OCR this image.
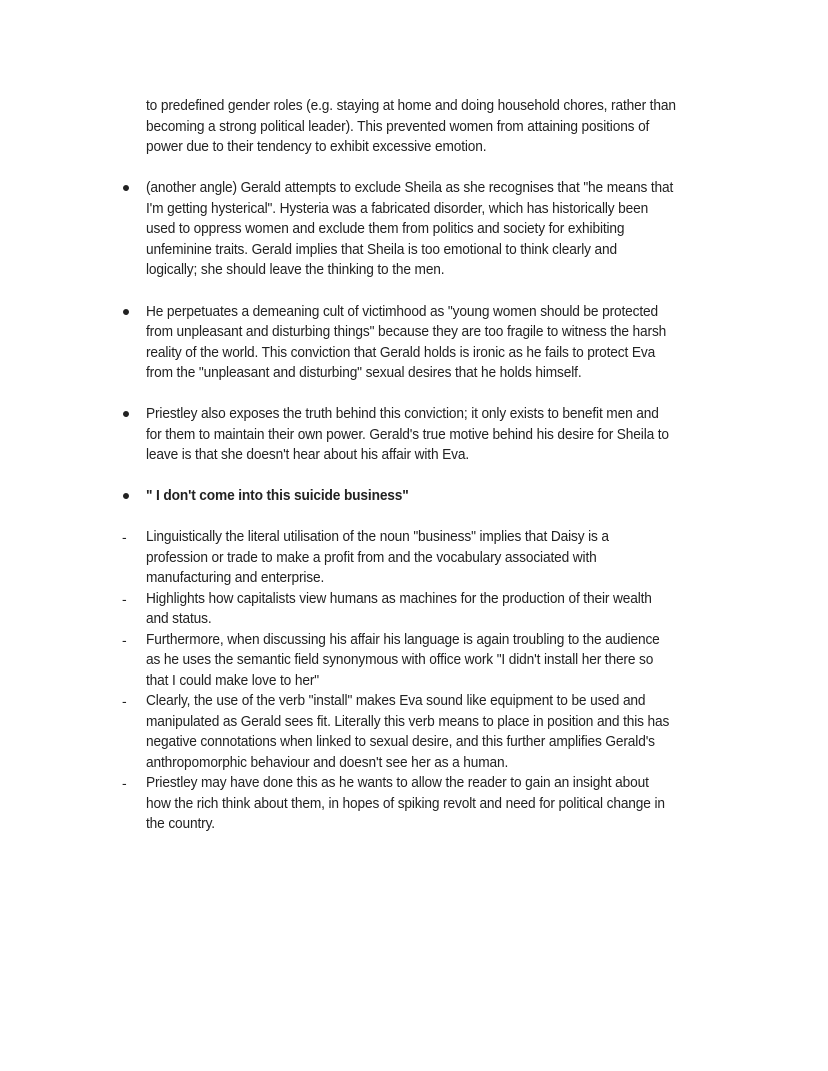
to predefined gender roles (e.g. staying at home and doing household chores, rather than
becoming a strong political leader). This prevented women from attaining positions of
power due to their tendency to exhibit excessive emotion.
(another angle) Gerald attempts to exclude Sheila as she recognises that "he means that
I'm getting hysterical". Hysteria was a fabricated disorder, which has historically been
used to oppress women and exclude them from politics and society for exhibiting
unfeminine traits. Gerald implies that Sheila is too emotional to think clearly and
logically; she should leave the thinking to the men.
He perpetuates a demeaning cult of victimhood as "young women should be protected
from unpleasant and disturbing things" because they are too fragile to witness the harsh
reality of the world. This conviction that Gerald holds is ironic as he fails to protect Eva
from the "unpleasant and disturbing" sexual desires that he holds himself.
Priestley also exposes the truth behind this conviction; it only exists to benefit men and
for them to maintain their own power. Gerald's true motive behind his desire for Sheila to
leave is that she doesn't hear about his affair with Eva.
" I don't come into this suicide business"
- Linguistically the literal utilisation of the noun "business" implies that Daisy is a
profession or trade to make a profit from and the vocabulary associated with
manufacturing and enterprise.
- Highlights how capitalists view humans as machines for the production of their wealth
and status.
- Furthermore, when discussing his affair his language is again troubling to the audience
as he uses the semantic field synonymous with office work "I didn't install her there so
that I could make love to her"
- Clearly, the use of the verb "install" makes Eva sound like equipment to be used and
manipulated as Gerald sees fit. Literally this verb means to place in position and this has
negative connotations when linked to sexual desire, and this further amplifies Gerald's
anthropomorphic behaviour and doesn't see her as a human.
- Priestley may have done this as he wants to allow the reader to gain an insight about
how the rich think about them, in hopes of spiking revolt and need for political change in
the country.
